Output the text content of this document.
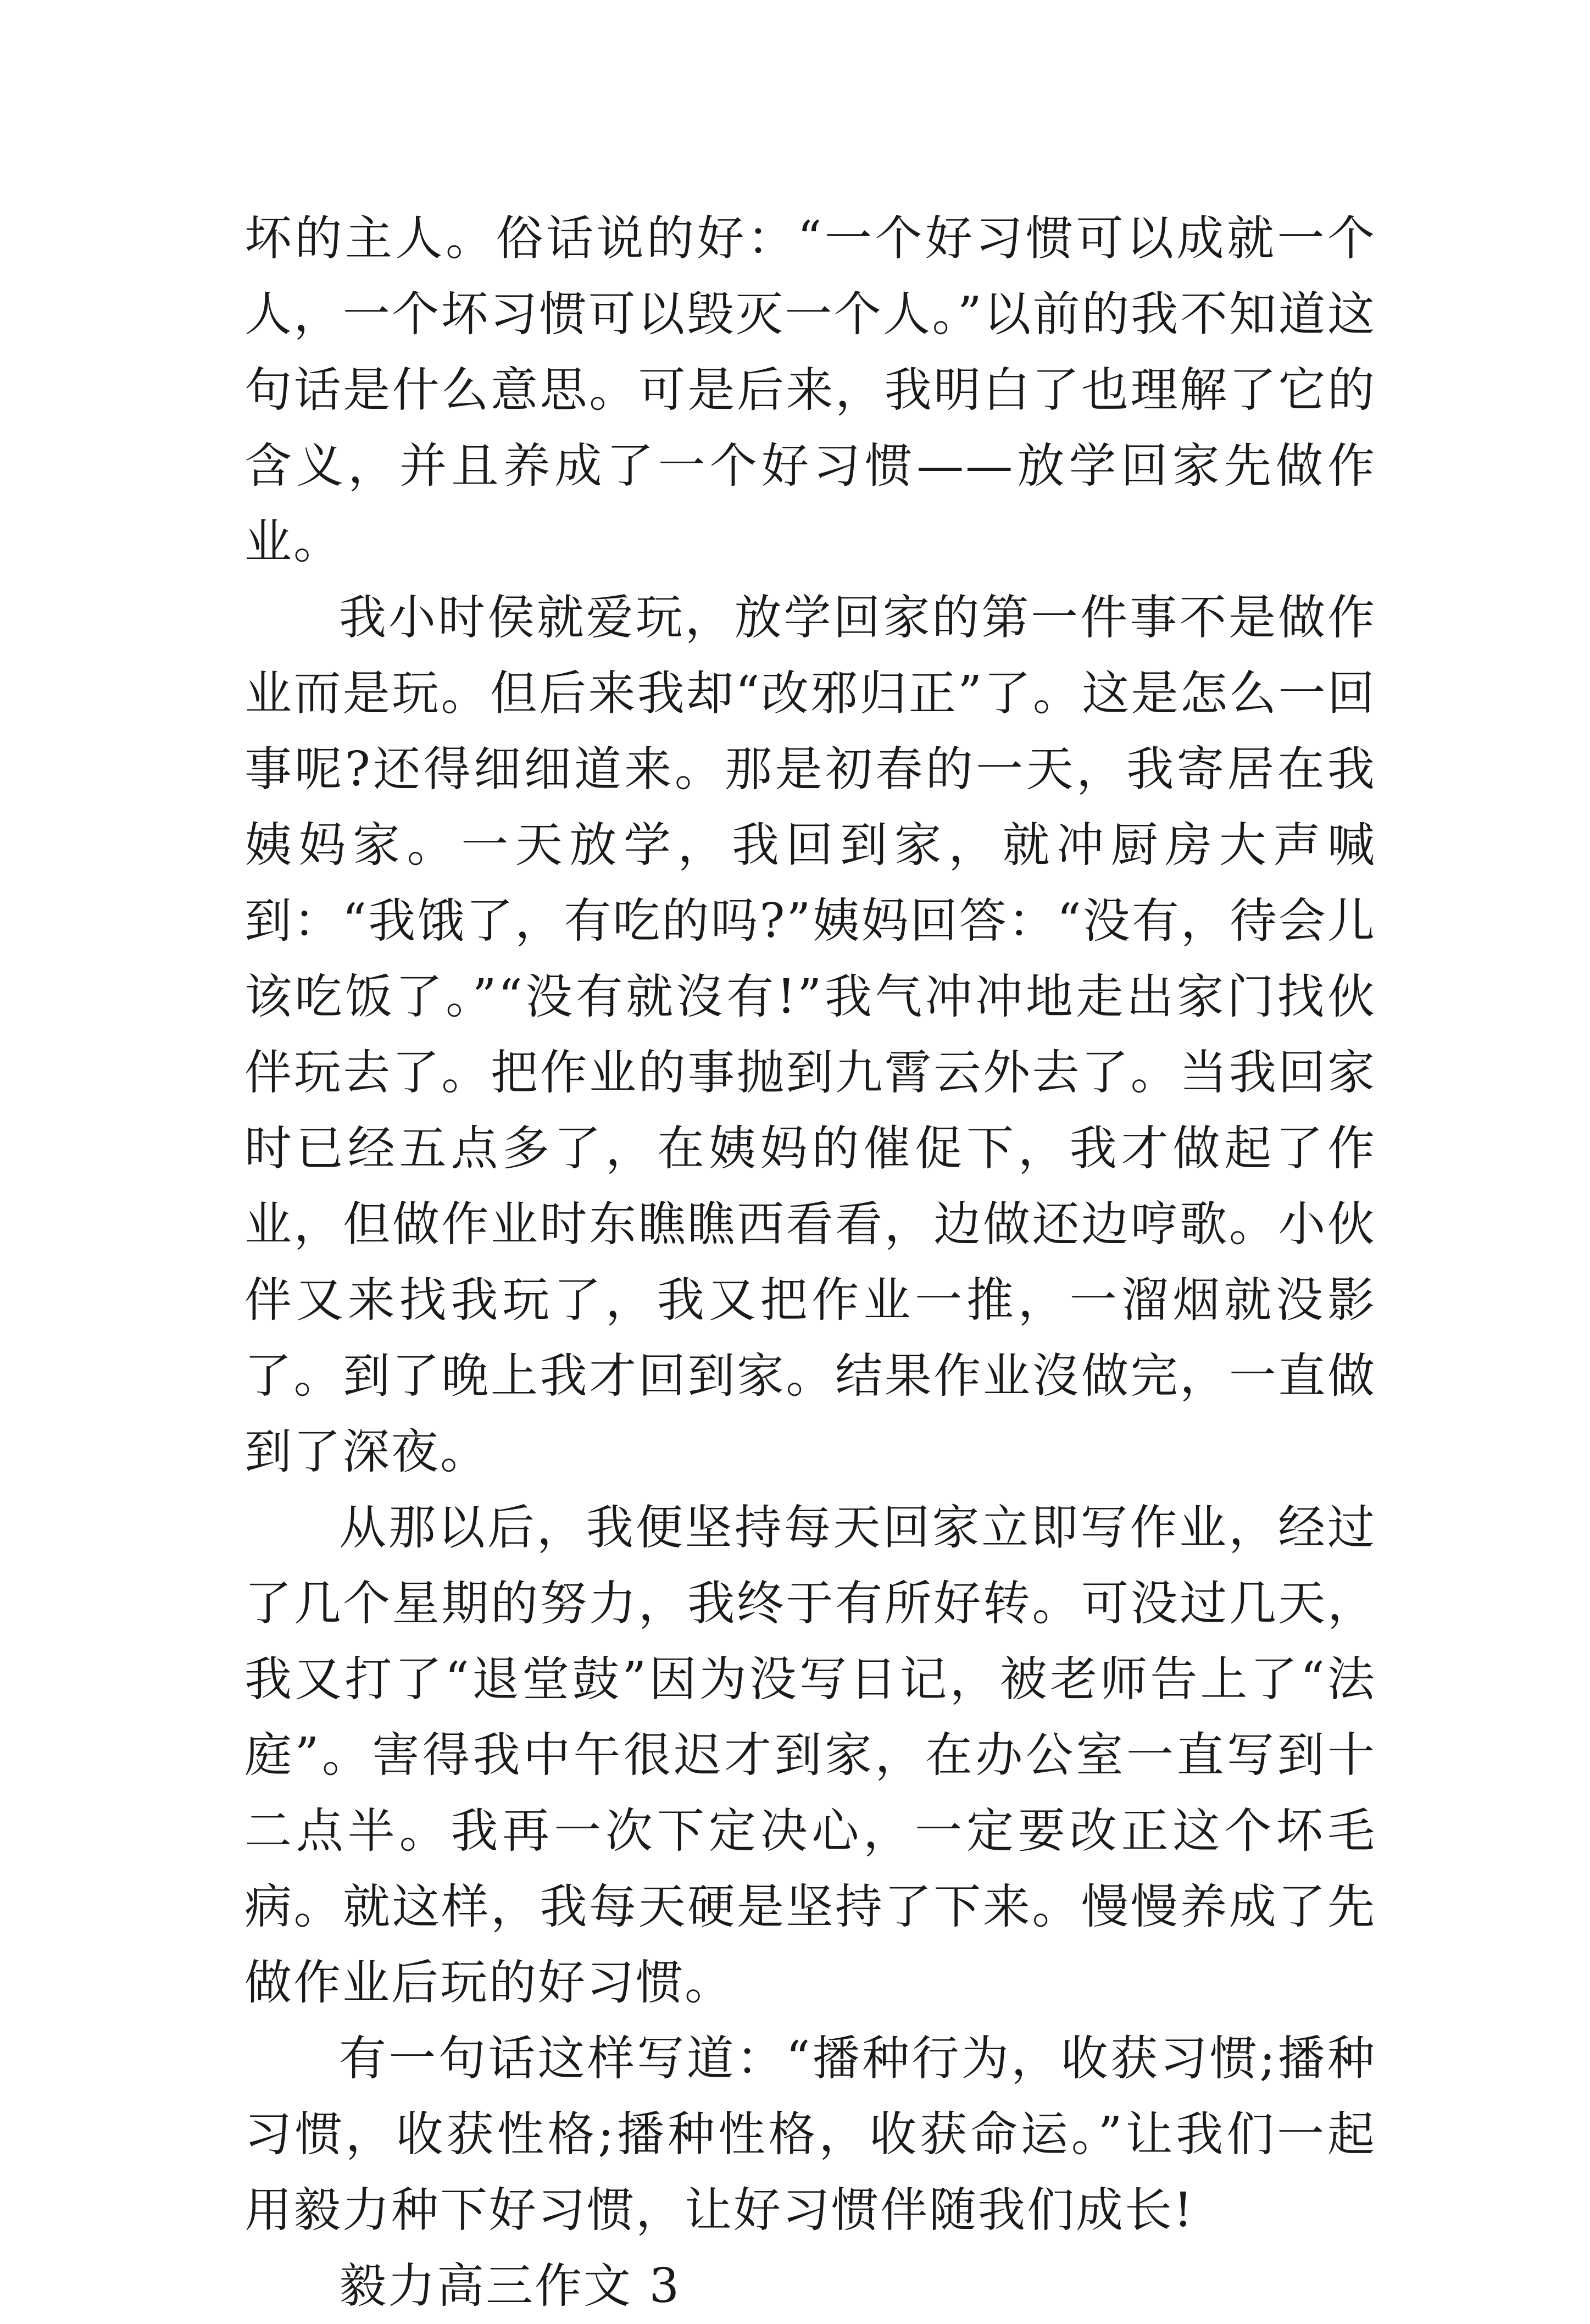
坏的主人。俗话说的好：“一个好习惯可以成就一个人，一个坏习惯可以毁灭一个人。”以前的我不知道这句话是什么意思。可是后来，我明白了也理解了它的含义，并且养成了一个好习惯——放学回家先做作业。

我小时侯就爱玩，放学回家的第一件事不是做作业而是玩。但后来我却“改邪归正”了。这是怎么一回事呢?还得细细道来。那是初春的一天，我寄居在我姨妈家。一天放学，我回到家，就冲厨房大声喊到：“我饿了，有吃的吗?”姨妈回答：“没有，待会儿该吃饭了。”“没有就沒有!”我气冲冲地走出家门找伙伴玩去了。把作业的事抛到九霄云外去了。当我回家时已经五点多了，在姨妈的催促下，我才做起了作业，但做作业时东瞧瞧西看看，边做还边哼歌。小伙伴又来找我玩了，我又把作业一推，一溜烟就没影了。到了晚上我才回到家。结果作业沒做完，一直做到了深夜。

从那以后，我便坚持每天回家立即写作业，经过了几个星期的努力，我终于有所好转。可没过几天，我又打了“退堂鼓”因为没写日记，被老师告上了“法庭”。害得我中午很迟才到家，在办公室一直写到十二点半。我再一次下定决心，一定要改正这个坏毛病。就这样，我每天硬是坚持了下来。慢慢养成了先做作业后玩的好习惯。

有一句话这样写道：“播种行为，收获习惯;播种习惯，收获性格;播种性格，收获命运。”让我们一起用毅力种下好习惯，让好习惯伴随我们成长!

毅力高三作文 3
